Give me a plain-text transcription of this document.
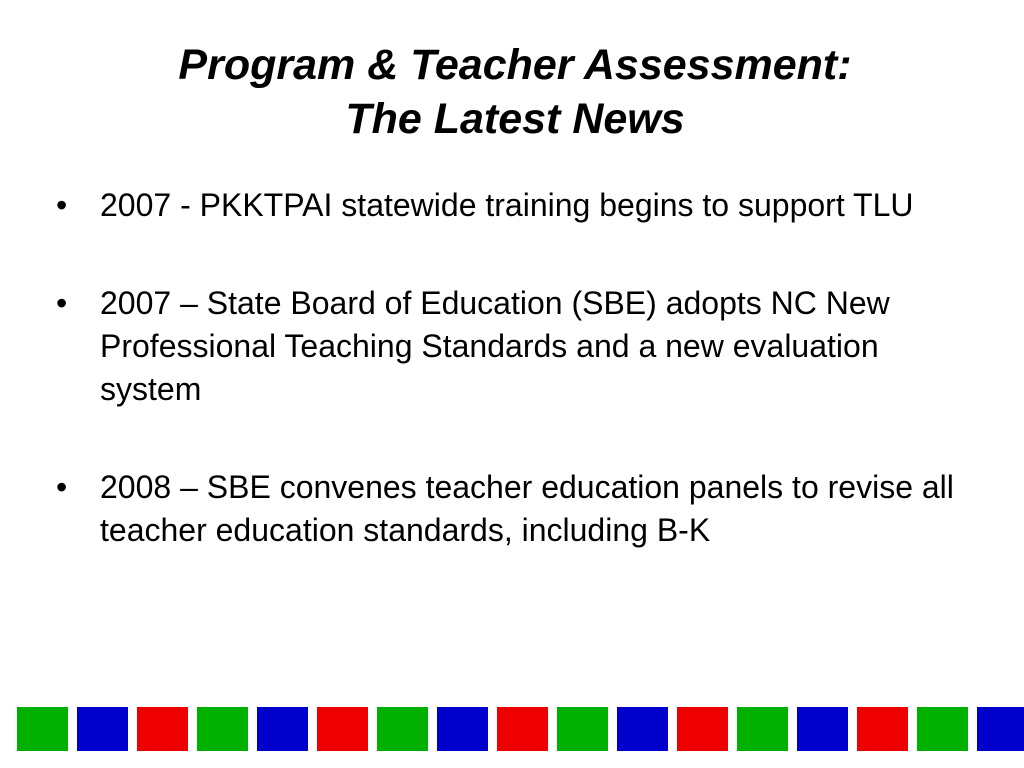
Program & Teacher Assessment:
The Latest News
• 2007 - PKKTPAI statewide training begins to support TLU
• 2007 – State Board of Education (SBE) adopts NC New Professional Teaching Standards and a new evaluation system
• 2008 – SBE convenes teacher education panels to revise all teacher education standards, including B-K
